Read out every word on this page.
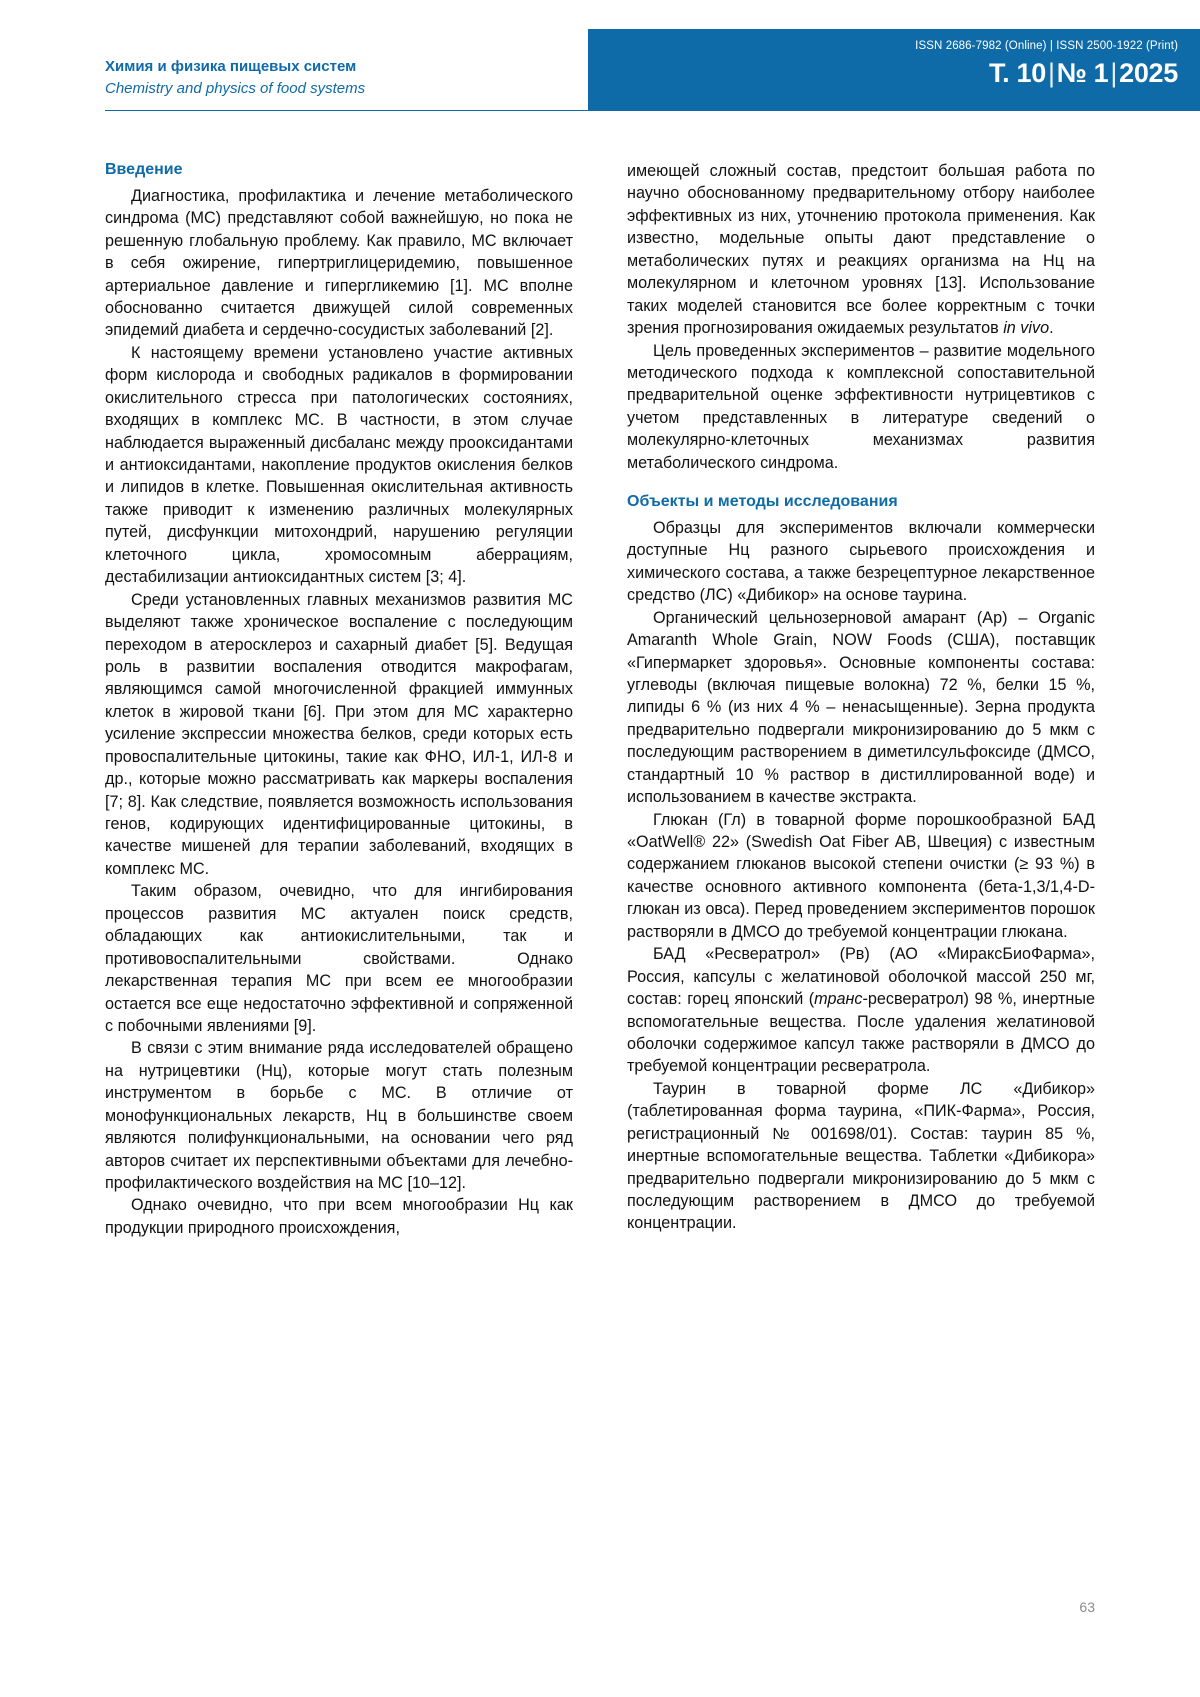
ISSN 2686-7982 (Online) | ISSN 2500-1922 (Print)
Химия и физика пищевых систем
Chemistry and physics of food systems
ИНДУСТРИЯ
ПИТАНИЯ
FOOD
INDUSTRY
Т. 10|№ 1|2025
Введение

Диагностика, профилактика и лечение метаболического синдрома (МС) представляют собой важнейшую, но пока не решенную глобальную проблему. Как правило, МС включает в себя ожирение, гипертриглицеридемию, повышенное артериальное давление и гипергликемию [1]. МС вполне обоснованно считается движущей силой современных эпидемий диабета и сердечно-сосудистых заболеваний [2].

К настоящему времени установлено участие активных форм кислорода и свободных радикалов в формировании окислительного стресса при патологических состояниях, входящих в комплекс МС. В частности, в этом случае наблюдается выраженный дисбаланс между прооксидантами и антиоксидантами, накопление продуктов окисления белков и липидов в клетке. Повышенная окислительная активность также приводит к изменению различных молекулярных путей, дисфункции митохондрий, нарушению регуляции клеточного цикла, хромосомным аберрациям, дестабилизации антиоксидантных систем [3; 4].

Среди установленных главных механизмов развития МС выделяют также хроническое воспаление с последующим переходом в атеросклероз и сахарный диабет [5]. Ведущая роль в развитии воспаления отводится макрофагам, являющимся самой многочисленной фракцией иммунных клеток в жировой ткани [6]. При этом для МС характерно усиление экспрессии множества белков, среди которых есть провоспалительные цитокины, такие как ФНО, ИЛ-1, ИЛ-8 и др., которые можно рассматривать как маркеры воспаления [7; 8]. Как следствие, появляется возможность использования генов, кодирующих идентифицированные цитокины, в качестве мишеней для терапии заболеваний, входящих в комплекс МС.

Таким образом, очевидно, что для ингибирования процессов развития МС актуален поиск средств, обладающих как антиокислительными, так и противовоспалительными свойствами. Однако лекарственная терапия МС при всем ее многообразии остается все еще недостаточно эффективной и сопряженной с побочными явлениями [9].

В связи с этим внимание ряда исследователей обращено на нутрицевтики (Нц), которые могут стать полезным инструментом в борьбе с МС. В отличие от монофункциональных лекарств, Нц в большинстве своем являются полифункциональными, на основании чего ряд авторов считает их перспективными объектами для лечебно-профилактического воздействия на МС [10–12].

Однако очевидно, что при всем многообразии Нц как продукции природного происхождения,

имеющей сложный состав, предстоит большая работа по научно обоснованному предварительному отбору наиболее эффективных из них, уточнению протокола применения. Как известно, модельные опыты дают представление о метаболических путях и реакциях организма на Нц на молекулярном и клеточном уровнях [13]. Использование таких моделей становится все более корректным с точки зрения прогнозирования ожидаемых результатов in vivo.

Цель проведенных экспериментов – развитие модельного методического подхода к комплексной сопоставительной предварительной оценке эффективности нутрицевтиков с учетом представленных в литературе сведений о молекулярно-клеточных механизмах развития метаболического синдрома.

Объекты и методы исследования

Образцы для экспериментов включали коммерчески доступные Нц разного сырьевого происхождения и химического состава, а также безрецептурное лекарственное средство (ЛС) «Дибикор» на основе таурина.

Органический цельнозерновой амарант (Ар) – Organic Amaranth Whole Grain, NOW Foods (США), поставщик «Гипермаркет здоровья». Основные компоненты состава: углеводы (включая пищевые волокна) 72 %, белки 15 %, липиды 6 % (из них 4 % – ненасыщенные). Зерна продукта предварительно подвергали микронизированию до 5 мкм с последующим растворением в диметилсульфоксиде (ДМСО, стандартный 10 % раствор в дистиллированной воде) и использованием в качестве экстракта.

Глюкан (Гл) в товарной форме порошкообразной БАД «OatWell® 22» (Swedish Oat Fiber AB, Швеция) с известным содержанием глюканов высокой степени очистки (≥ 93 %) в качестве основного активного компонента (бета-1,3/1,4-D-глюкан из овса). Перед проведением экспериментов порошок растворяли в ДМСО до требуемой концентрации глюкана.

БАД «Ресвератрол» (Рв) (АО «МираксБиоФарма», Россия, капсулы с желатиновой оболочкой массой 250 мг, состав: горец японский (транс-ресвератрол) 98 %, инертные вспомогательные вещества. После удаления желатиновой оболочки содержимое капсул также растворяли в ДМСО до требуемой концентрации ресвератрола.

Таурин в товарной форме ЛС «Дибикор» (таблетированная форма таурина, «ПИК-Фарма», Россия, регистрационный № 001698/01). Состав: таурин 85 %, инертные вспомогательные вещества. Таблетки «Дибикора» предварительно подвергали микронизированию до 5 мкм с последующим растворением в ДМСО до требуемой концентрации.

63
